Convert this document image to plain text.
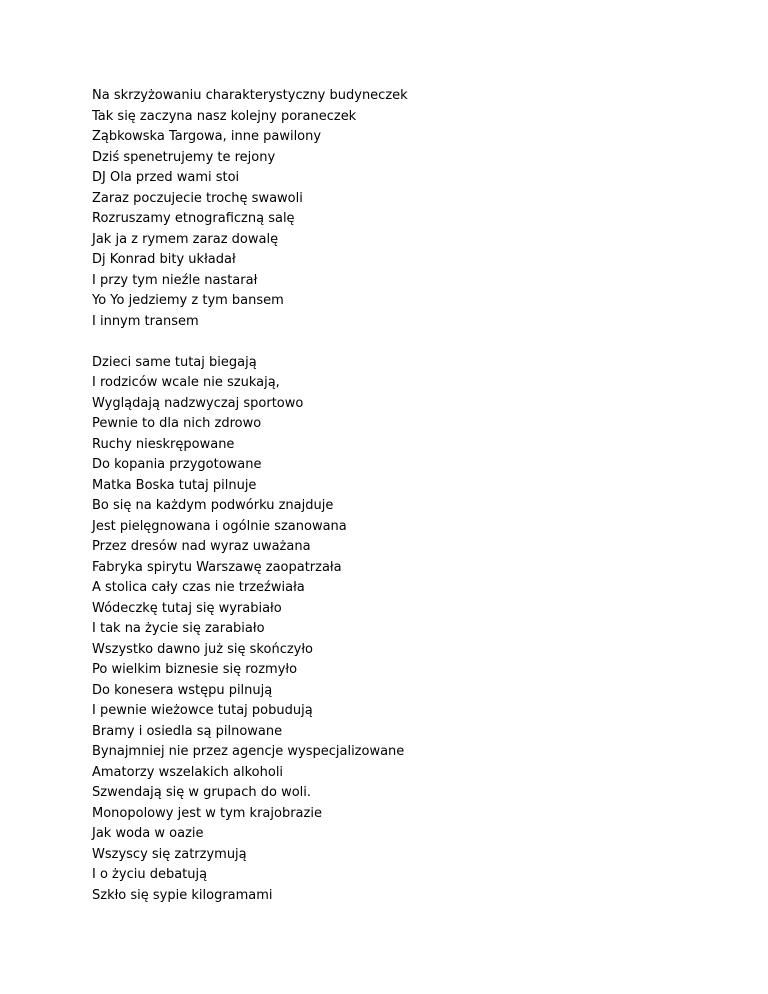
Na skrzyżowaniu charakterystyczny budyneczek
Tak się zaczyna nasz kolejny poraneczek
Ząbkowska Targowa, inne pawilony
Dziś spenetrujemy te rejony
DJ Ola przed wami stoi
Zaraz poczujecie trochę swawoli
Rozruszamy etnograficzną salę
Jak ja z rymem zaraz dowalę
Dj Konrad bity układał
I przy tym nieźle nastarał
Yo Yo jedziemy z tym bansem
I innym transem
Dzieci same tutaj biegają
I rodziców wcale nie szukają,
Wyglądają nadzwyczaj sportowo
Pewnie to dla nich zdrowo
Ruchy nieskrępowane
Do kopania przygotowane
Matka Boska tutaj pilnuje
Bo się na każdym podwórku znajduje
Jest pielęgnowana i ogólnie szanowana
Przez dresów nad wyraz uważana
Fabryka spirytu Warszawę zaopatrzała
A stolica cały czas nie trzeźwiała
Wódeczkę tutaj się wyrabiało
I tak na życie się zarabiało
Wszystko dawno już się skończyło
Po wielkim biznesie się rozmyło
Do konesera wstępu pilnują
I pewnie wieżowce tutaj pobudują
Bramy i osiedla są pilnowane
Bynajmniej nie przez agencje wyspecjalizowane
Amatorzy wszelakich alkoholi
Szwendają się w grupach do woli.
Monopolowy jest w tym krajobrazie
Jak woda w oazie
Wszyscy się zatrzymują
I o życiu debatują
Szkło się sypie kilogramami
